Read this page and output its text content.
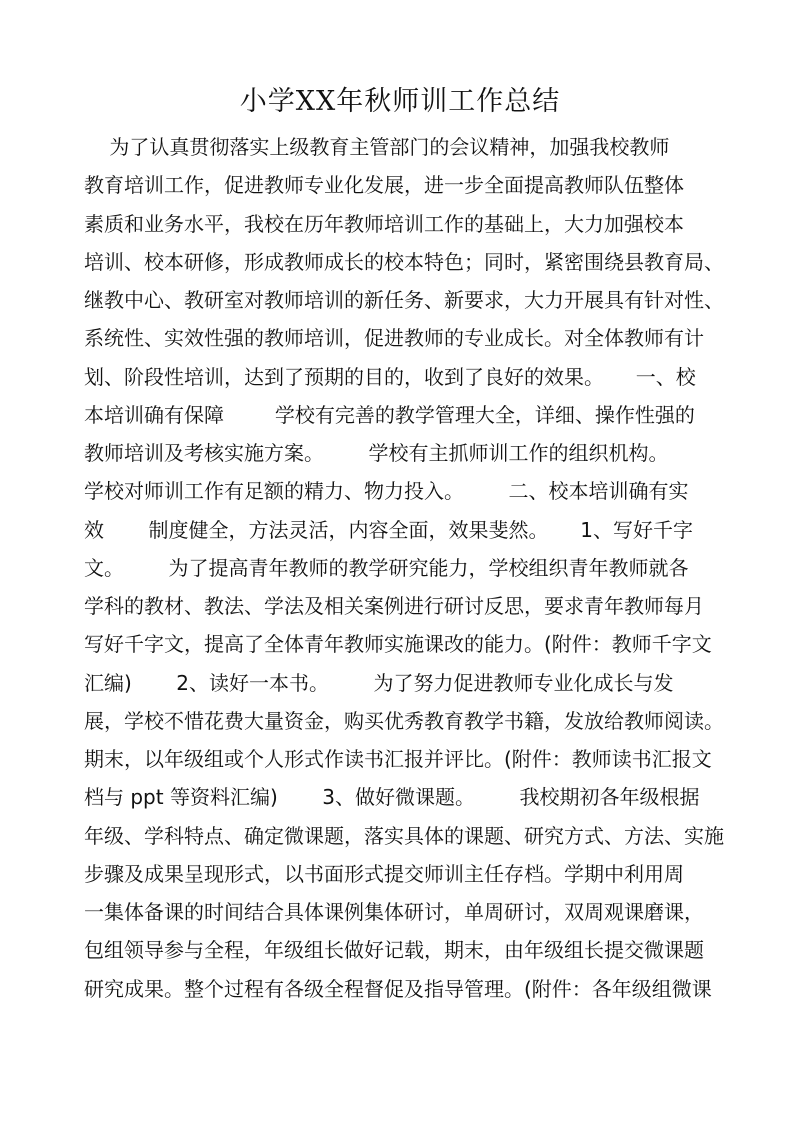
小学XX年秋师训工作总结
为了认真贯彻落实上级教育主管部门的会议精神，加强我校教师
教育培训工作，促进教师专业化发展，进一步全面提高教师队伍整体
素质和业务水平，我校在历年教师培训工作的基础上，大力加强校本
培训、校本研修，形成教师成长的校本特色；同时，紧密围绕县教育局、
继教中心、教研室对教师培训的新任务、新要求，大力开展具有针对性、
系统性、实效性强的教师培训，促进教师的专业成长。对全体教师有计
划、阶段性培训，达到了预期的目的，收到了良好的效果。     一、校
本培训确有保障        学校有完善的教学管理大全，详细、操作性强的
教师培训及考核实施方案。       学校有主抓师训工作的组织机构。
学校对师训工作有足额的精力、物力投入。       二、校本培训确有实
效       制度健全，方法灵活，内容全面，效果斐然。     1、写好千字
文。       为了提高青年教师的教学研究能力，学校组织青年教师就各
学科的教材、教法、学法及相关案例进行研讨反思，要求青年教师每月
写好千字文，提高了全体青年教师实施课改的能力。(附件：教师千字文
汇编)       2、读好一本书。       为了努力促进教师专业化成长与发
展，学校不惜花费大量资金，购买优秀教育教学书籍，发放给教师阅读。
期末，以年级组或个人形式作读书汇报并评比。(附件：教师读书汇报文
档与 ppt 等资料汇编)       3、做好微课题。       我校期初各年级根据
年级、学科特点、确定微课题，落实具体的课题、研究方式、方法、实施
步骤及成果呈现形式，以书面形式提交师训主任存档。学期中利用周
一集体备课的时间结合具体课例集体研讨，单周研讨，双周观课磨课，
包组领导参与全程，年级组长做好记载，期末，由年级组长提交微课题
研究成果。整个过程有各级全程督促及指导管理。(附件：各年级组微课
